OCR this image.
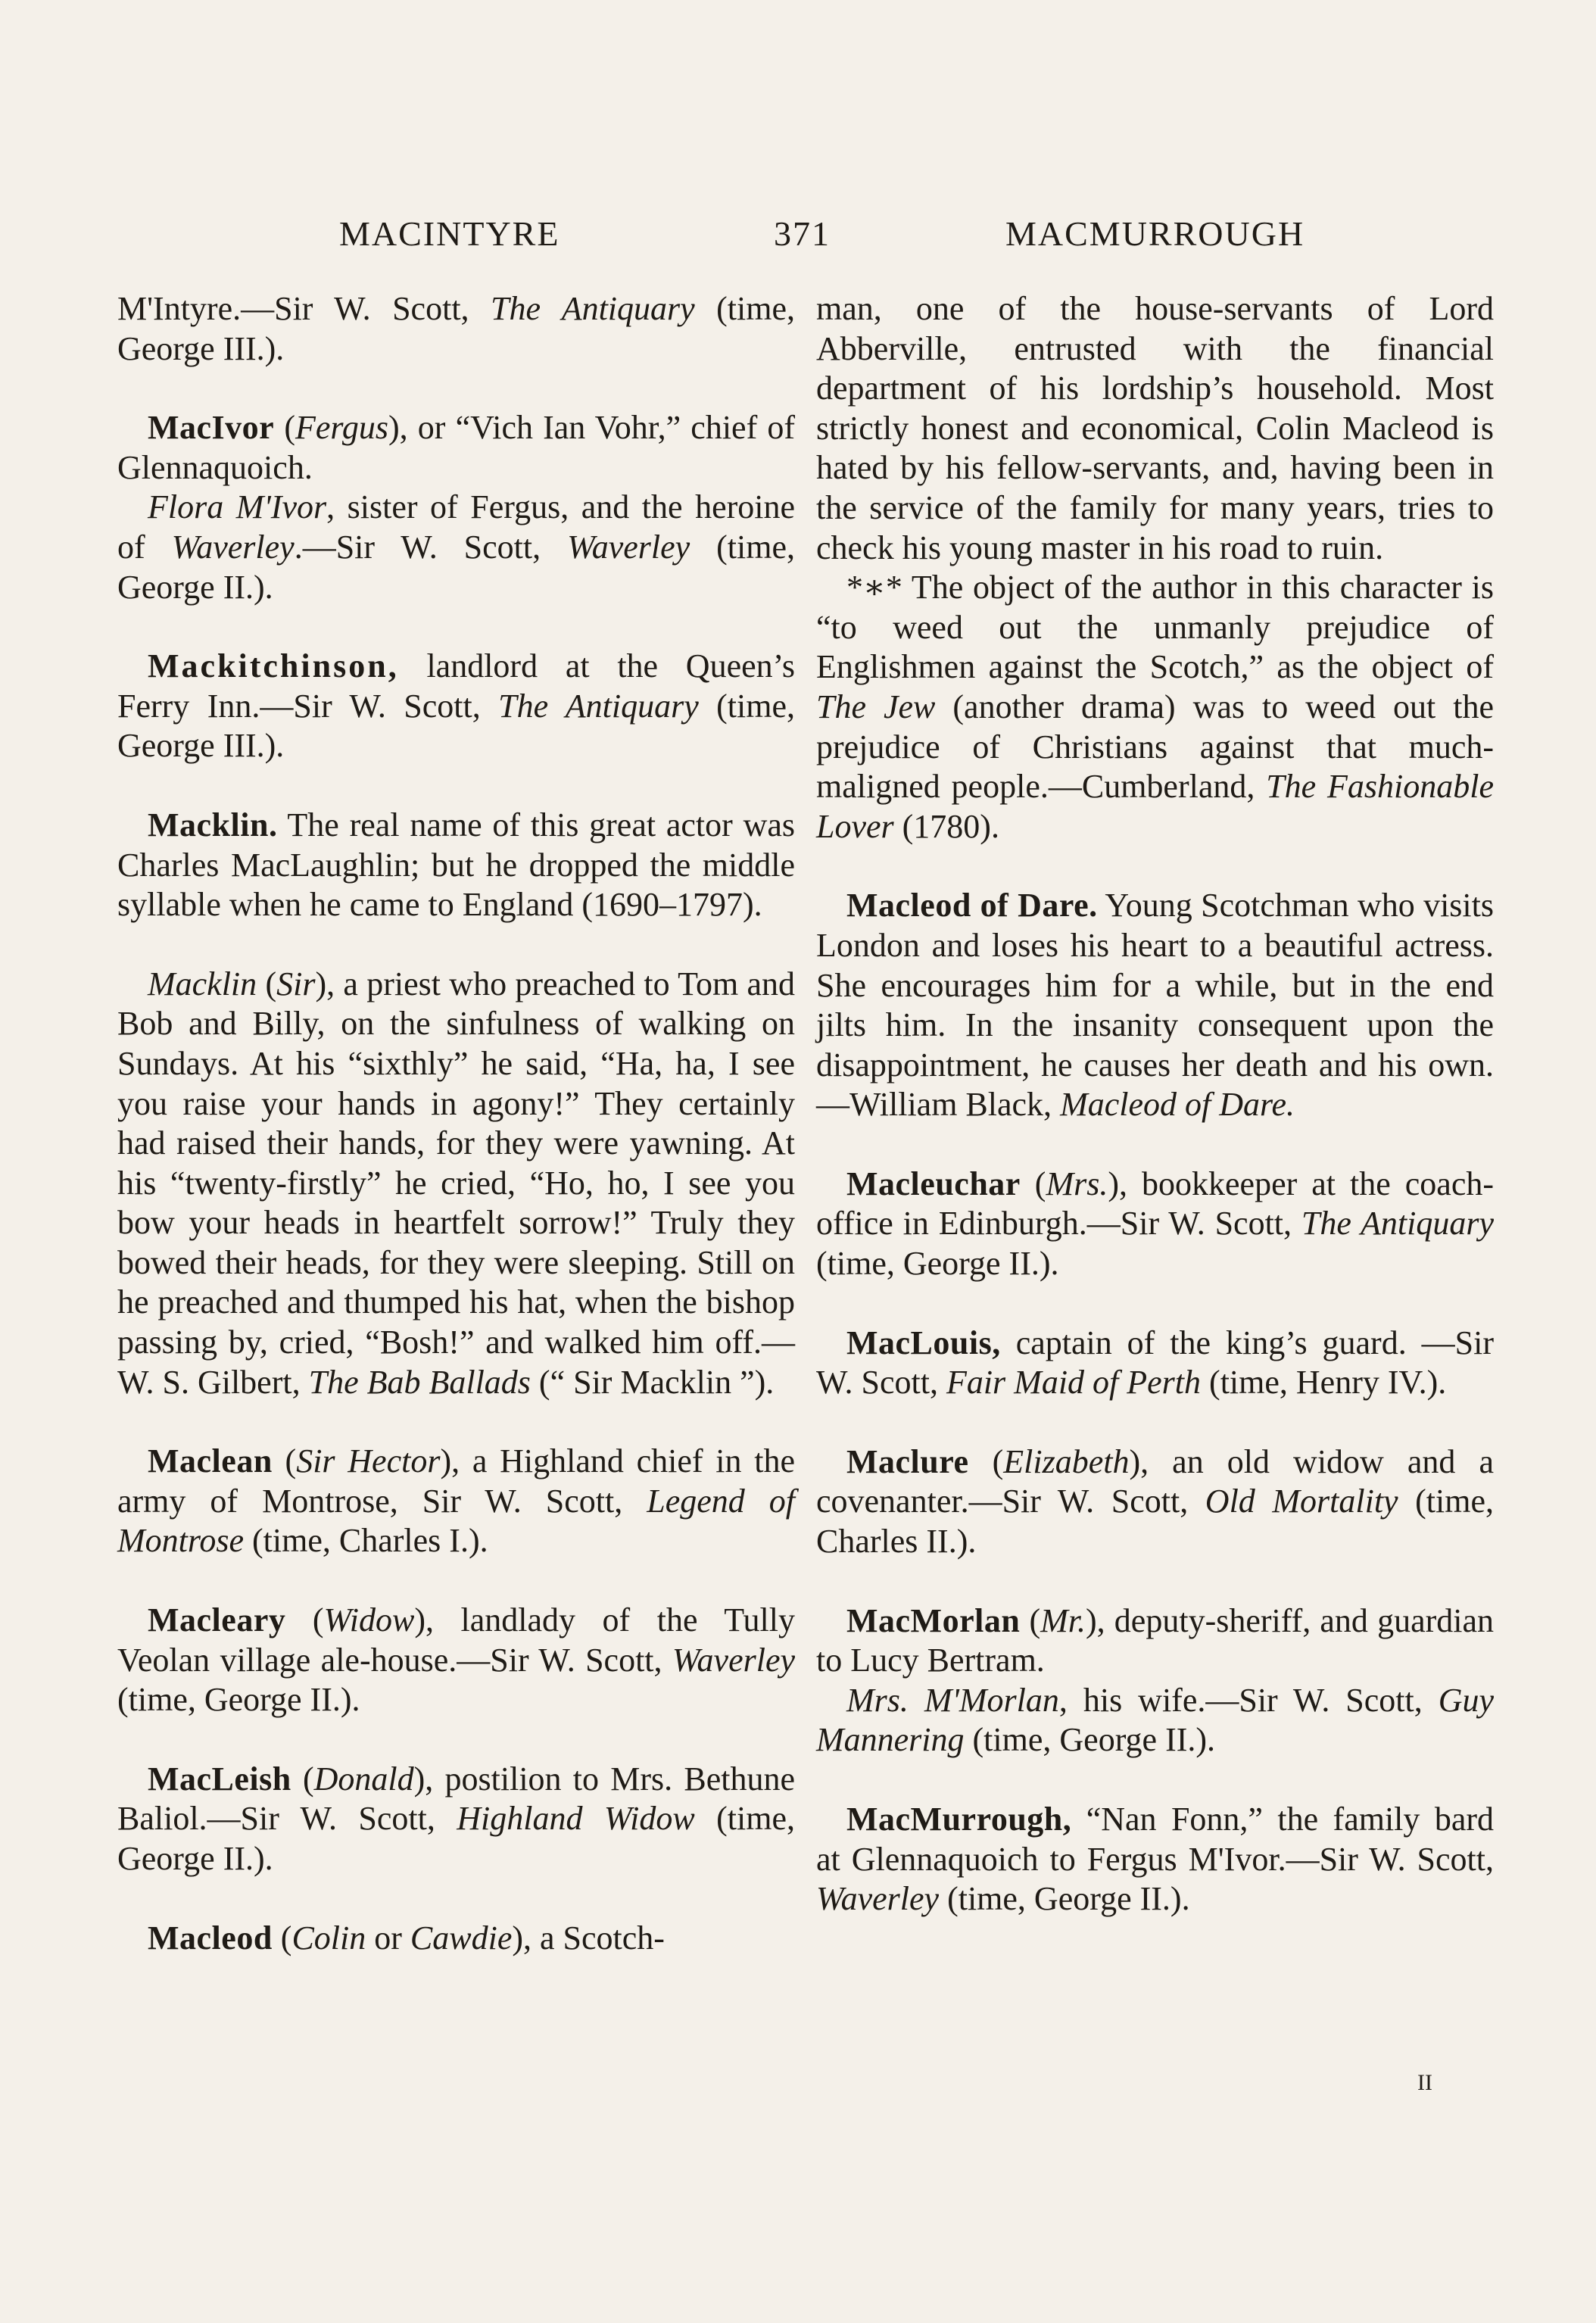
MACINTYRE	371	MACMURROUGH

M'Intyre.—Sir W. Scott, The Antiquary (time, George III.).

MacIvor (Fergus), or “Vich Ian Vohr,” chief of Glennaquoich.

Flora M'Ivor, sister of Fergus, and the heroine of Waverley.—Sir W. Scott, Waverley (time, George II.).

Mackitchinson, landlord at the Queen’s Ferry Inn.—Sir W. Scott, The Antiquary (time, George III.).

Macklin. The real name of this great actor was Charles MacLaughlin; but he dropped the middle syllable when he came to England (1690–1797).

Macklin (Sir), a priest who preached to Tom and Bob and Billy, on the sinfulness of walking on Sundays. At his “sixthly” he said, “Ha, ha, I see you raise your hands in agony!” They certainly had raised their hands, for they were yawning. At his “twenty-firstly” he cried, “Ho, ho, I see you bow your heads in heartfelt sorrow!” Truly they bowed their heads, for they were sleeping. Still on he preached and thumped his hat, when the bishop passing by, cried, “Bosh!” and walked him off.—W. S. Gilbert, The Bab Ballads (“ Sir Macklin ”).

Maclean (Sir Hector), a Highland chief in the army of Montrose, Sir W. Scott, Legend of Montrose (time, Charles I.).

Macleary (Widow), landlady of the Tully Veolan village ale-house.—Sir W. Scott, Waverley (time, George II.).

MacLeish (Donald), postilion to Mrs. Bethune Baliol.—Sir W. Scott, Highland Widow (time, George II.).

Macleod (Colin or Cawdie), a Scotch-

man, one of the house-servants of Lord Abberville, entrusted with the financial department of his lordship’s household. Most strictly honest and economical, Colin Macleod is hated by his fellow-servants, and, having been in the service of the family for many years, tries to check his young master in his road to ruin.

*∗* The object of the author in this character is “to weed out the unmanly prejudice of Englishmen against the Scotch,” as the object of The Jew (another drama) was to weed out the prejudice of Christians against that much-maligned people.—Cumberland, The Fashionable Lover (1780).

Macleod of Dare. Young Scotchman who visits London and loses his heart to a beautiful actress. She encourages him for a while, but in the end jilts him. In the insanity consequent upon the disappointment, he causes her death and his own.—William Black, Macleod of Dare.

Macleuchar (Mrs.), bookkeeper at the coach-office in Edinburgh.—Sir W. Scott, The Antiquary (time, George II.).

MacLouis, captain of the king’s guard. —Sir W. Scott, Fair Maid of Perth (time, Henry IV.).

Maclure (Elizabeth), an old widow and a covenanter.—Sir W. Scott, Old Mortality (time, Charles II.).

MacMorlan (Mr.), deputy-sheriff, and guardian to Lucy Bertram.

Mrs. M'Morlan, his wife.—Sir W. Scott, Guy Mannering (time, George II.).

MacMurrough, “Nan Fonn,” the family bard at Glennaquoich to Fergus M'Ivor.—Sir W. Scott, Waverley (time, George II.).

II
